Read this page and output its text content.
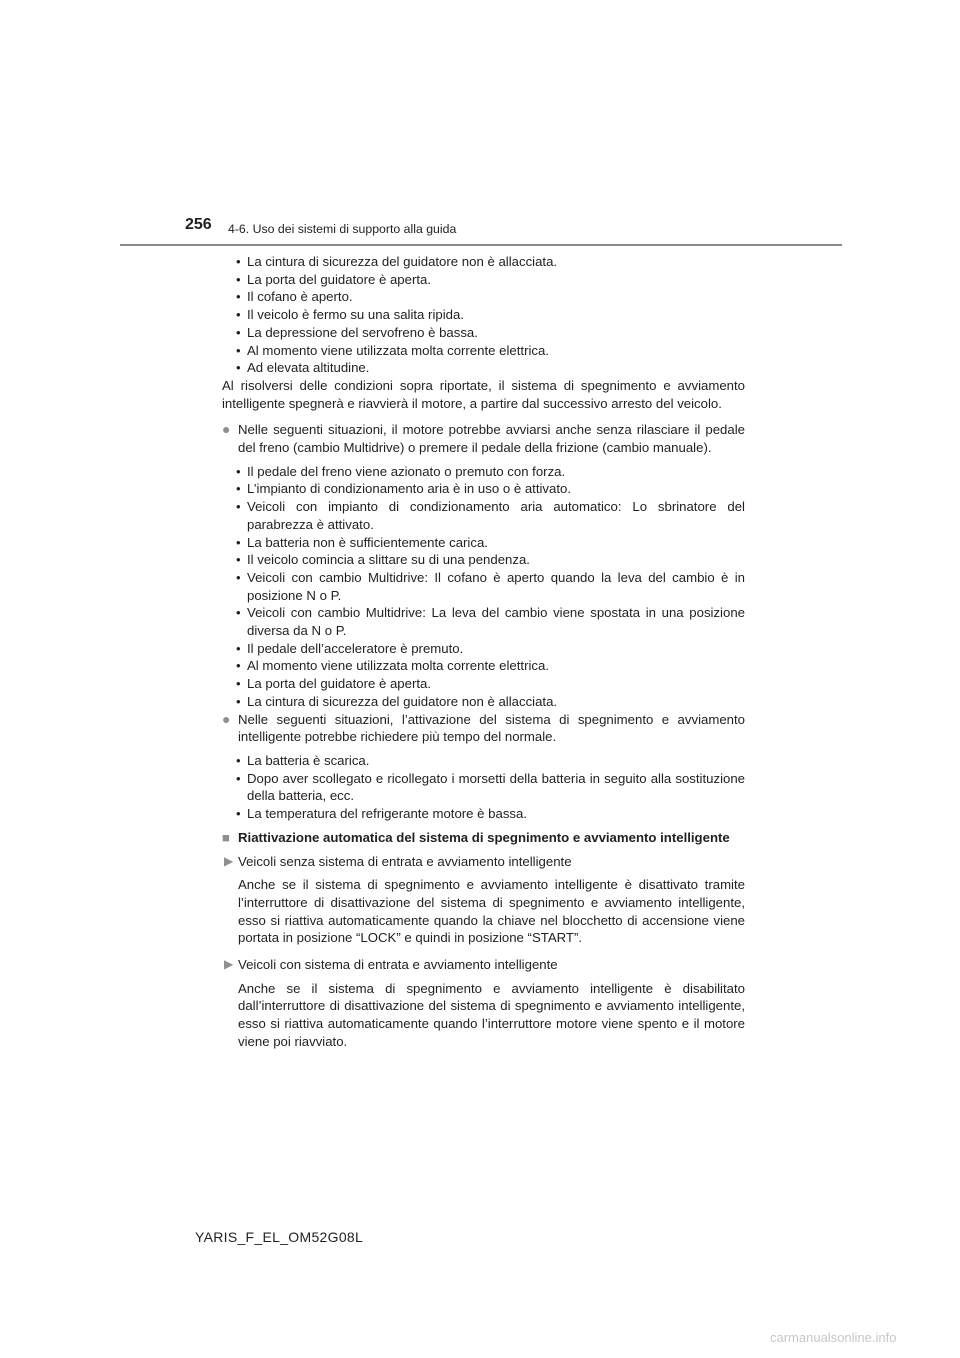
256 4-6. Uso dei sistemi di supporto alla guida
• La cintura di sicurezza del guidatore non è allacciata.
• La porta del guidatore è aperta.
• Il cofano è aperto.
• Il veicolo è fermo su una salita ripida.
• La depressione del servofreno è bassa.
• Al momento viene utilizzata molta corrente elettrica.
• Ad elevata altitudine.

Al risolversi delle condizioni sopra riportate, il sistema di spegnimento e avviamento intelligente spegnerà e riavvierà il motore, a partire dal successivo arresto del veicolo.

● Nelle seguenti situazioni, il motore potrebbe avviarsi anche senza rilasciare il pedale del freno (cambio Multidrive) o premere il pedale della frizione (cambio manuale).

• Il pedale del freno viene azionato o premuto con forza.
• L’impianto di condizionamento aria è in uso o è attivato.
• Veicoli con impianto di condizionamento aria automatico: Lo sbrinatore del parabrezza è attivato.
• La batteria non è sufficientemente carica.
• Il veicolo comincia a slittare su di una pendenza.
• Veicoli con cambio Multidrive: Il cofano è aperto quando la leva del cambio è in posizione N o P.
• Veicoli con cambio Multidrive: La leva del cambio viene spostata in una posizione diversa da N o P.
• Il pedale dell’acceleratore è premuto.
• Al momento viene utilizzata molta corrente elettrica.
• La porta del guidatore è aperta.
• La cintura di sicurezza del guidatore non è allacciata.

● Nelle seguenti situazioni, l’attivazione del sistema di spegnimento e avviamento intelligente potrebbe richiedere più tempo del normale.

• La batteria è scarica.
• Dopo aver scollegato e ricollegato i morsetti della batteria in seguito alla sostituzione della batteria, ecc.
• La temperatura del refrigerante motore è bassa.

■ Riattivazione automatica del sistema di spegnimento e avviamento intelligente

▶ Veicoli senza sistema di entrata e avviamento intelligente

Anche se il sistema di spegnimento e avviamento intelligente è disattivato tramite l’interruttore di disattivazione del sistema di spegnimento e avviamento intelligente, esso si riattiva automaticamente quando la chiave nel blocchetto di accensione viene portata in posizione “LOCK” e quindi in posizione “START”.

▶ Veicoli con sistema di entrata e avviamento intelligente

Anche se il sistema di spegnimento e avviamento intelligente è disabilitato dall’interruttore di disattivazione del sistema di spegnimento e avviamento intelligente, esso si riattiva automaticamente quando l’interruttore motore viene spento e il motore viene poi riavviato.

YARIS_F_EL_OM52G08L
carmanualsonline.info
